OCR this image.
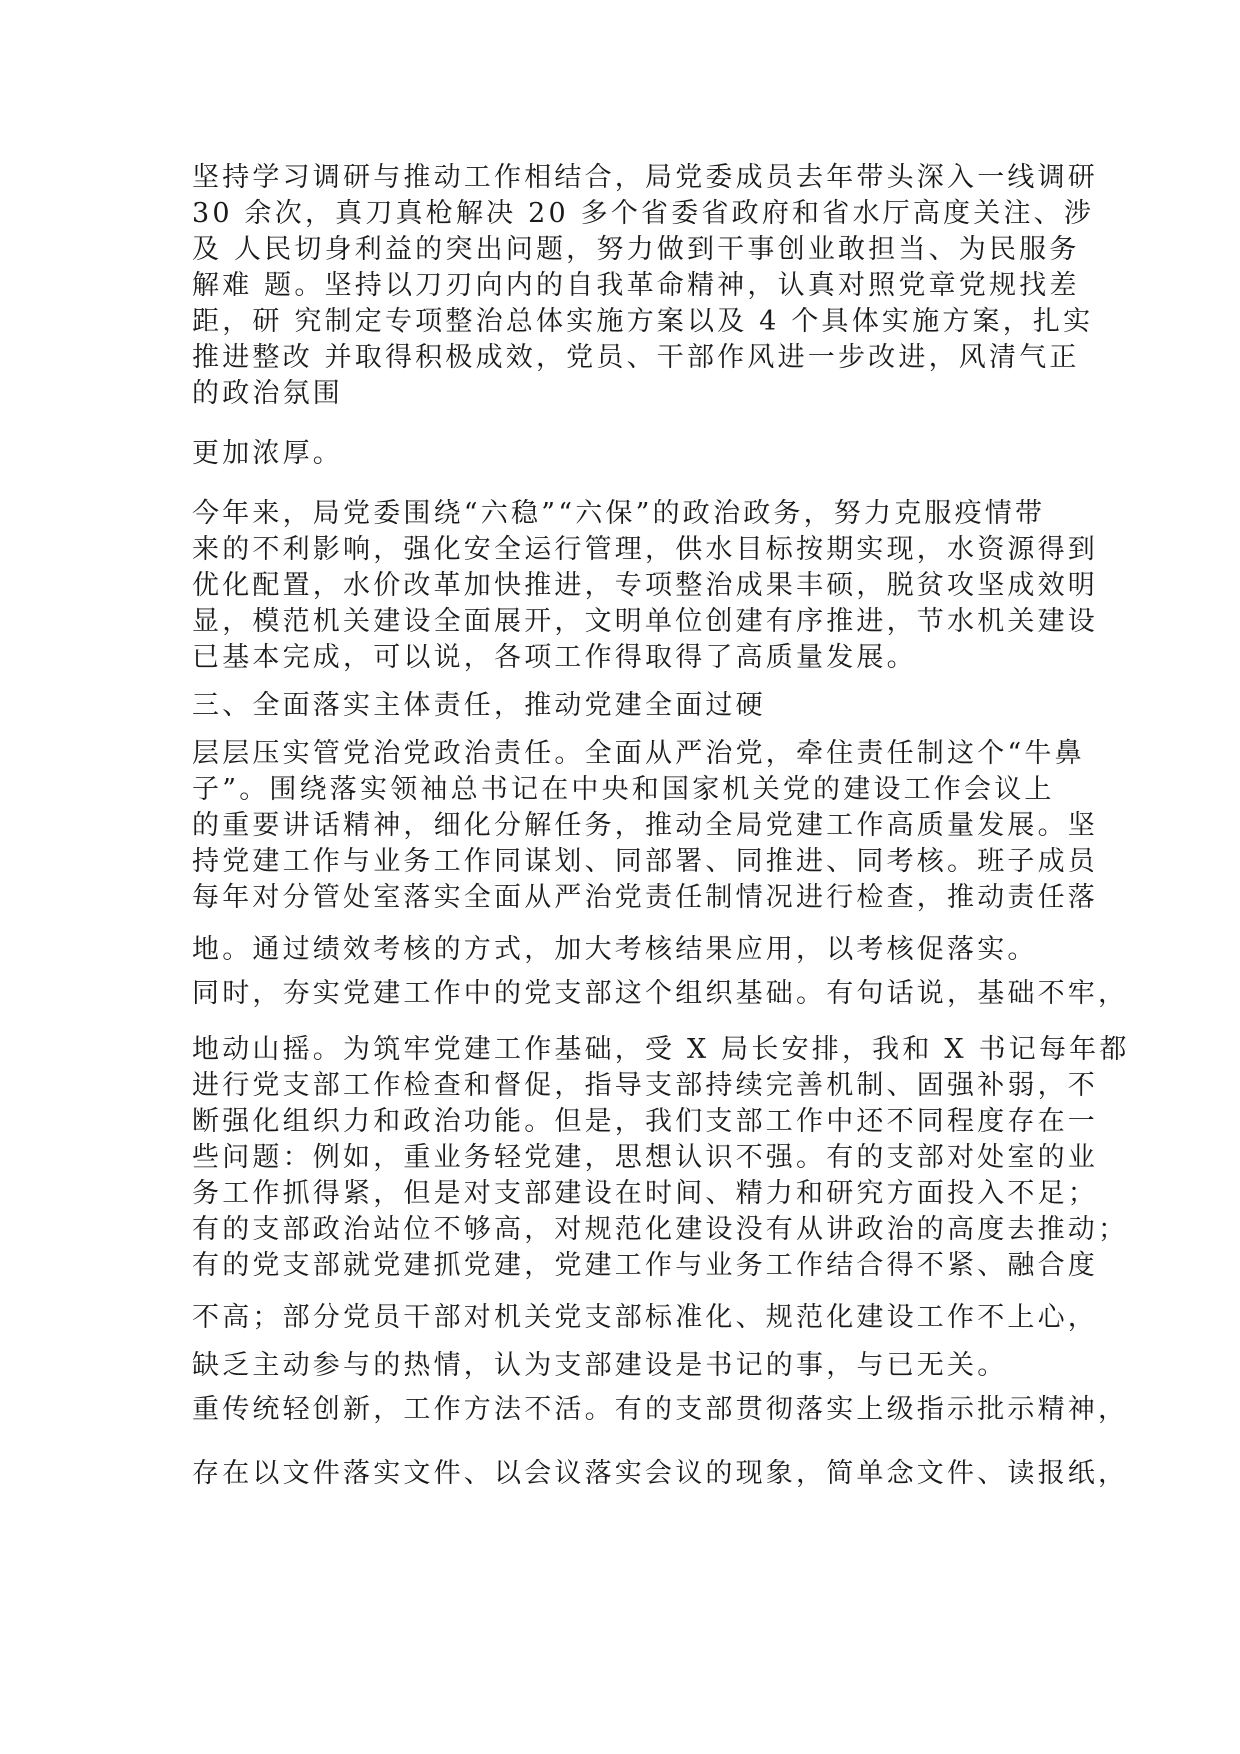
坚持学习调研与推动工作相结合，局党委成员去年带头深入一线调研

30 余次，真刀真枪解决 20 多个省委省政府和省水厅高度关注、涉

及 人民切身利益的突出问题，努力做到干事创业敢担当、为民服务

解难 题。坚持以刀刃向内的自我革命精神，认真对照党章党规找差

距，研 究制定专项整治总体实施方案以及 4 个具体实施方案，扎实

推进整改 并取得积极成效，党员、干部作风进一步改进，风清气正

的政治氛围

更加浓厚。

今年来，局党委围绕“六稳”“六保”的政治政务，努力克服疫情带

来的不利影响，强化安全运行管理，供水目标按期实现，水资源得到

优化配置，水价改革加快推进，专项整治成果丰硕，脱贫攻坚成效明

显，模范机关建设全面展开，文明单位创建有序推进，节水机关建设

已基本完成，可以说，各项工作得取得了高质量发展。

三、全面落实主体责任，推动党建全面过硬

层层压实管党治党政治责任。全面从严治党，牵住责任制这个“牛鼻

子”。围绕落实领袖总书记在中央和国家机关党的建设工作会议上

的重要讲话精神，细化分解任务，推动全局党建工作高质量发展。坚

持党建工作与业务工作同谋划、同部署、同推进、同考核。班子成员

每年对分管处室落实全面从严治党责任制情况进行检查，推动责任落

地。通过绩效考核的方式，加大考核结果应用，以考核促落实。

同时，夯实党建工作中的党支部这个组织基础。有句话说，基础不牢，

地动山摇。为筑牢党建工作基础，受 X 局长安排，我和 X 书记每年都

进行党支部工作检查和督促，指导支部持续完善机制、固强补弱，不

断强化组织力和政治功能。但是，我们支部工作中还不同程度存在一

些问题：例如，重业务轻党建，思想认识不强。有的支部对处室的业

务工作抓得紧，但是对支部建设在时间、精力和研究方面投入不足；

有的支部政治站位不够高，对规范化建设没有从讲政治的高度去推动；

有的党支部就党建抓党建，党建工作与业务工作结合得不紧、融合度

不高；部分党员干部对机关党支部标准化、规范化建设工作不上心，

缺乏主动参与的热情，认为支部建设是书记的事，与已无关。

重传统轻创新，工作方法不活。有的支部贯彻落实上级指示批示精神，

存在以文件落实文件、以会议落实会议的现象，简单念文件、读报纸，
